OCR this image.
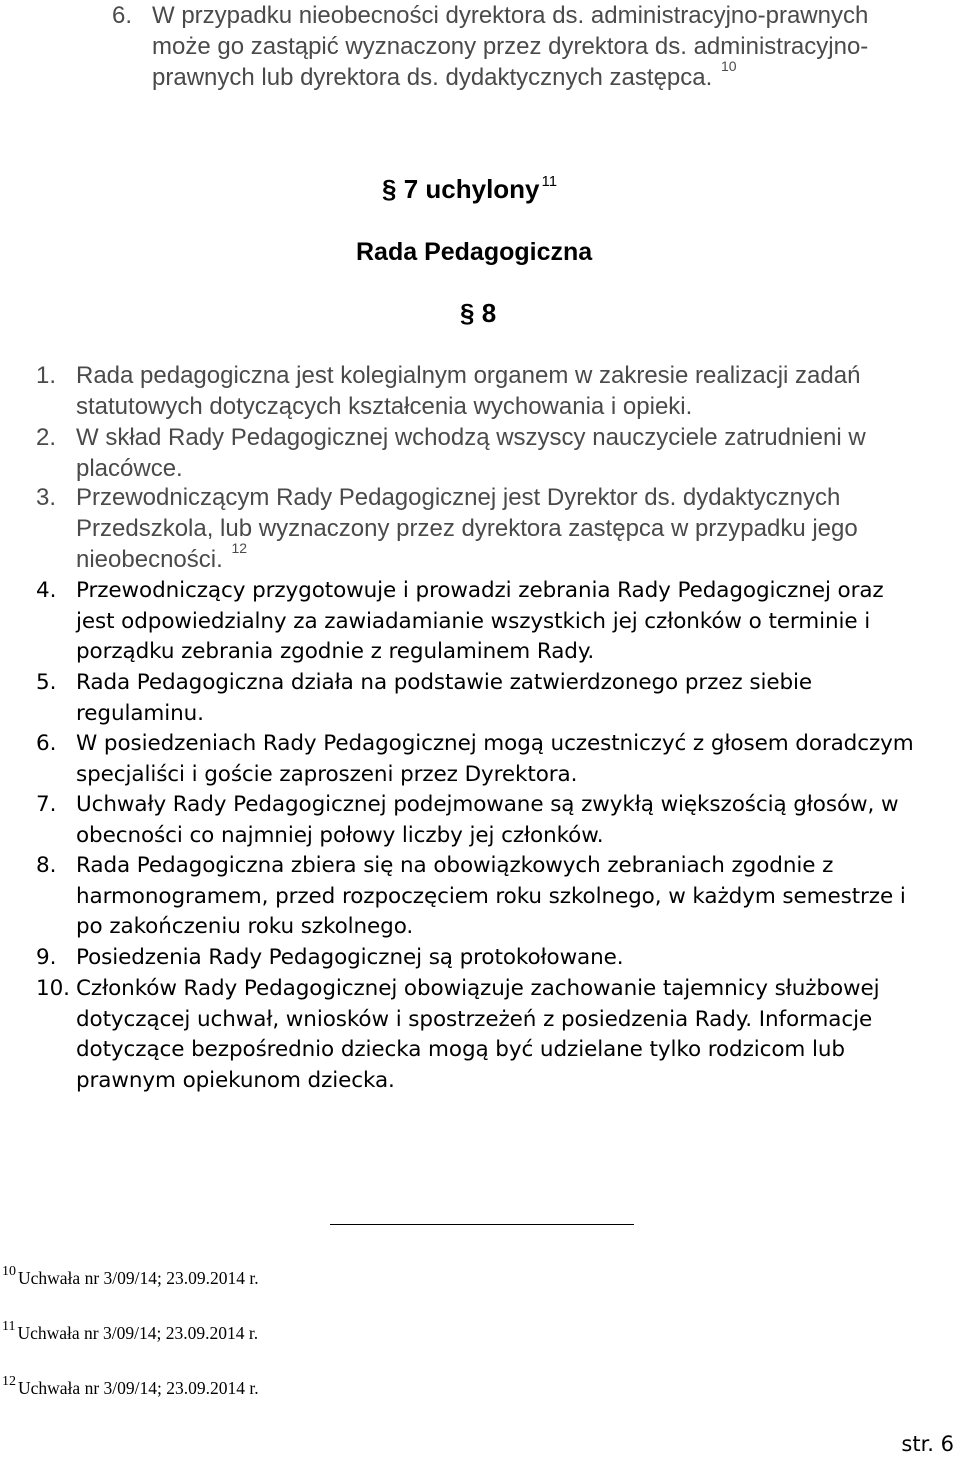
6. W przypadku nieobecności dyrektora ds. administracyjno-prawnych
może go zastąpić wyznaczony przez dyrektora ds. administracyjno-
prawnych lub dyrektora ds. dydaktycznych zastępca. $^{10}$
§ 7 uchylony $^{11}$
Rada Pedagogiczna
§ 8
1. Rada pedagogiczna jest kolegialnym organem w zakresie realizacji zadań
statutowych dotyczących kształcenia wychowania i opieki.
2. W skład Rady Pedagogicznej wchodzą wszyscy nauczyciele zatrudnieni w
placówce.
3. Przewodniczącym Rady Pedagogicznej jest Dyrektor ds. dydaktycznych
Przedszkola, lub wyznaczony przez dyrektora zastępca w przypadku jego
nieobecności. $^{12}$
4. Przewodniczący przygotowuje i prowadzi zebrania Rady Pedagogicznej oraz
jest odpowiedzialny za zawiadamianie wszystkich jej członków o terminie i
porządku zebrania zgodnie z regulaminem Rady.
5. Rada Pedagogiczna działa na podstawie zatwierdzonego przez siebie
regulaminu.
6. W posiedzeniach Rady Pedagogicznej mogą uczestniczyć z głosem doradczym
specjaliści i goście zaproszeni przez Dyrektora.
7. Uchwały Rady Pedagogicznej podejmowane są zwykłą większością głosów, w
obecności co najmniej połowy liczby jej członków.
8. Rada Pedagogiczna zbiera się na obowiązkowych zebraniach zgodnie z
harmonogramem, przed rozpoczęciem roku szkolnego, w każdym semestrze i
po zakończeniu roku szkolnego.
9. Posiedzenia Rady Pedagogicznej są protokołowane.
10. Członków Rady Pedagogicznej obowiązuje zachowanie tajemnicy służbowej
dotyczącej uchwał, wniosków i spostrzeżeń z posiedzenia Rady. Informacje
dotyczące bezpośrednio dziecka mogą być udzielane tylko rodzicom lub
prawnym opiekunom dziecka.
$^{10}$ Uchwała nr 3/09/14; 23.09.2014 r.
$^{11}$ Uchwała nr 3/09/14; 23.09.2014 r.
$^{12}$ Uchwała nr 3/09/14; 23.09.2014 r.
str. 6
